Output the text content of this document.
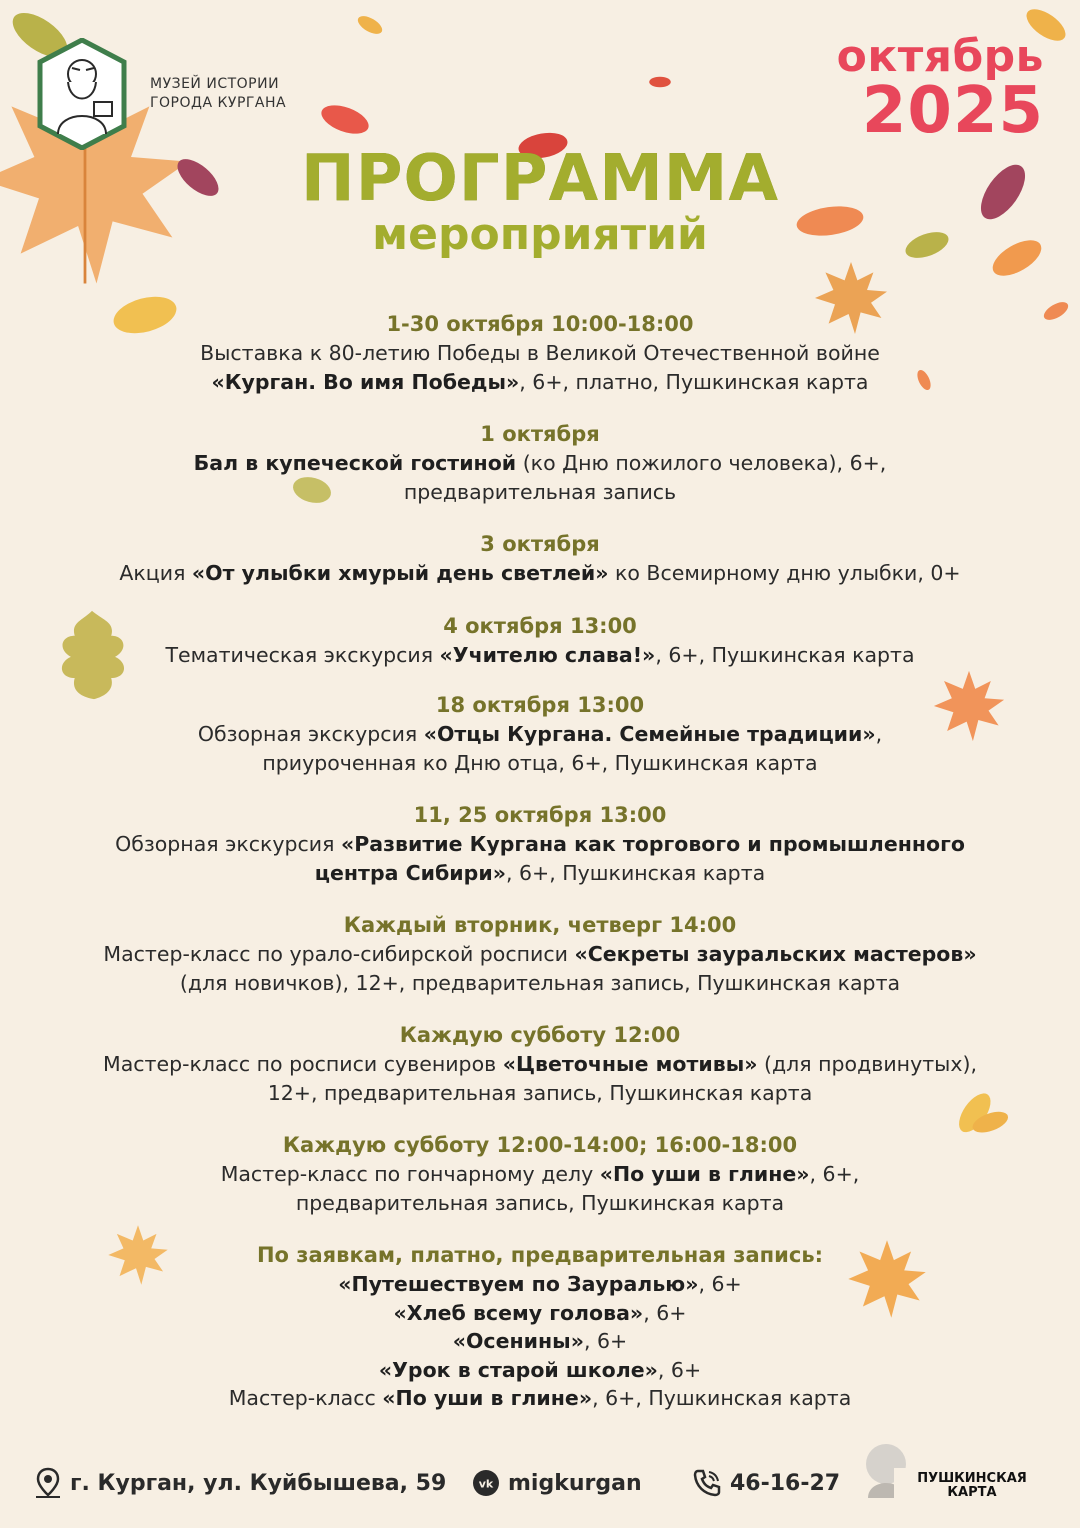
МУЗЕЙ ИСТОРИИ
ГОРОДА КУРГАНА
октябрь
2025
ПРОГРАММА
мероприятий
1-30 октября 10:00-18:00
Выставка к 80-летию Победы в Великой Отечественной войне
«Курган. Во имя Победы», 6+, платно, Пушкинская карта
1 октября
Бал в купеческой гостиной (ко Дню пожилого человека), 6+,
предварительная запись
3 октября
Акция «От улыбки хмурый день светлей» ко Всемирному дню улыбки, 0+
4 октября 13:00
Тематическая экскурсия «Учителю слава!», 6+, Пушкинская карта
18 октября 13:00
Обзорная экскурсия «Отцы Кургана. Семейные традиции»,
приуроченная ко Дню отца, 6+, Пушкинская карта
11, 25 октября 13:00
Обзорная экскурсия «Развитие Кургана как торгового и промышленного
центра Сибири», 6+, Пушкинская карта
Каждый вторник, четверг 14:00
Мастер-класс по урало-сибирской росписи «Секреты зауральских мастеров»
(для новичков), 12+, предварительная запись, Пушкинская карта
Каждую субботу 12:00
Мастер-класс по росписи сувениров «Цветочные мотивы» (для продвинутых),
12+, предварительная запись, Пушкинская карта
Каждую субботу 12:00-14:00; 16:00-18:00
Мастер-класс по гончарному делу «По уши в глине», 6+,
предварительная запись, Пушкинская карта
По заявкам, платно, предварительная запись:
«Путешествуем по Зауралью», 6+
«Хлеб всему голова», 6+
«Осенины», 6+
«Урок в старой школе», 6+
Мастер-класс «По уши в глине», 6+, Пушкинская карта
г. Курган, ул. Куйбышева, 59	vk migkurgan	46-16-27	ПУШКИНСКАЯ
КАРТА
